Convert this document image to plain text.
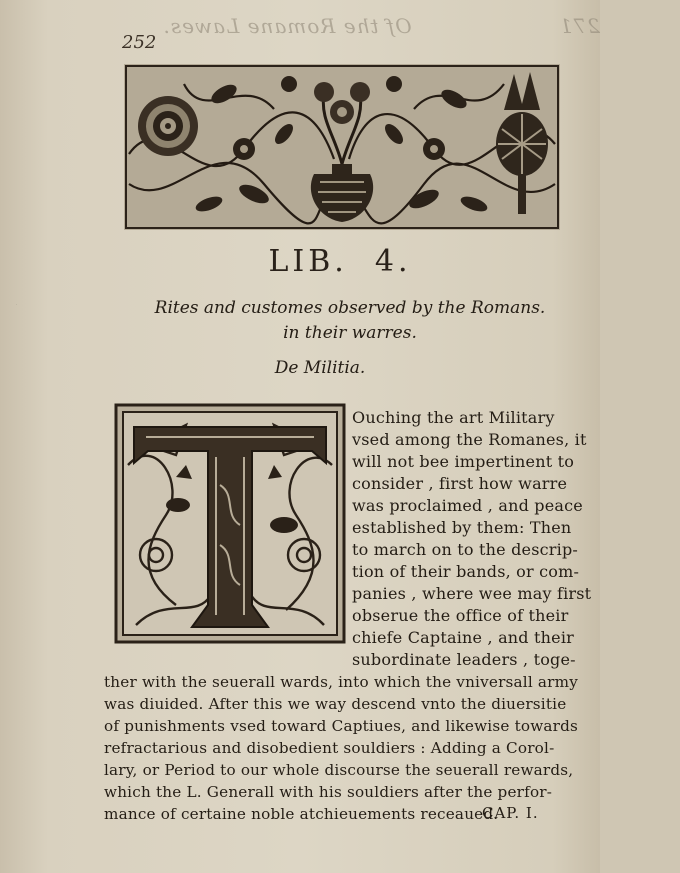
271                    Of the Romane Lawes.
252
LIB. 4.
Rites and customes observed by the Romans.
in their warres.
De Militia.
T
Ouching the art Military
vsed among the Romanes, it
will not bee impertinent to
consider , first how warre
was proclaimed , and peace
established by them: Then
to march on to the descrip-
tion of their bands, or com-
panies , where wee may first
obserue the office of their
chiefe Captaine , and their
subordinate leaders , toge-
ther with the seuerall wards, into which the vniversall army
was diuided. After this we way descend vnto the diuersitie
of punishments vsed toward Captiues, and likewise towards
refractarious and disobedient souldiers : Adding a Corol-
lary, or Period to our whole discourse the seuerall rewards,
which the L. Generall with his souldiers after the perfor-
mance of certaine noble atchieuements receaued.
CAP. I.
